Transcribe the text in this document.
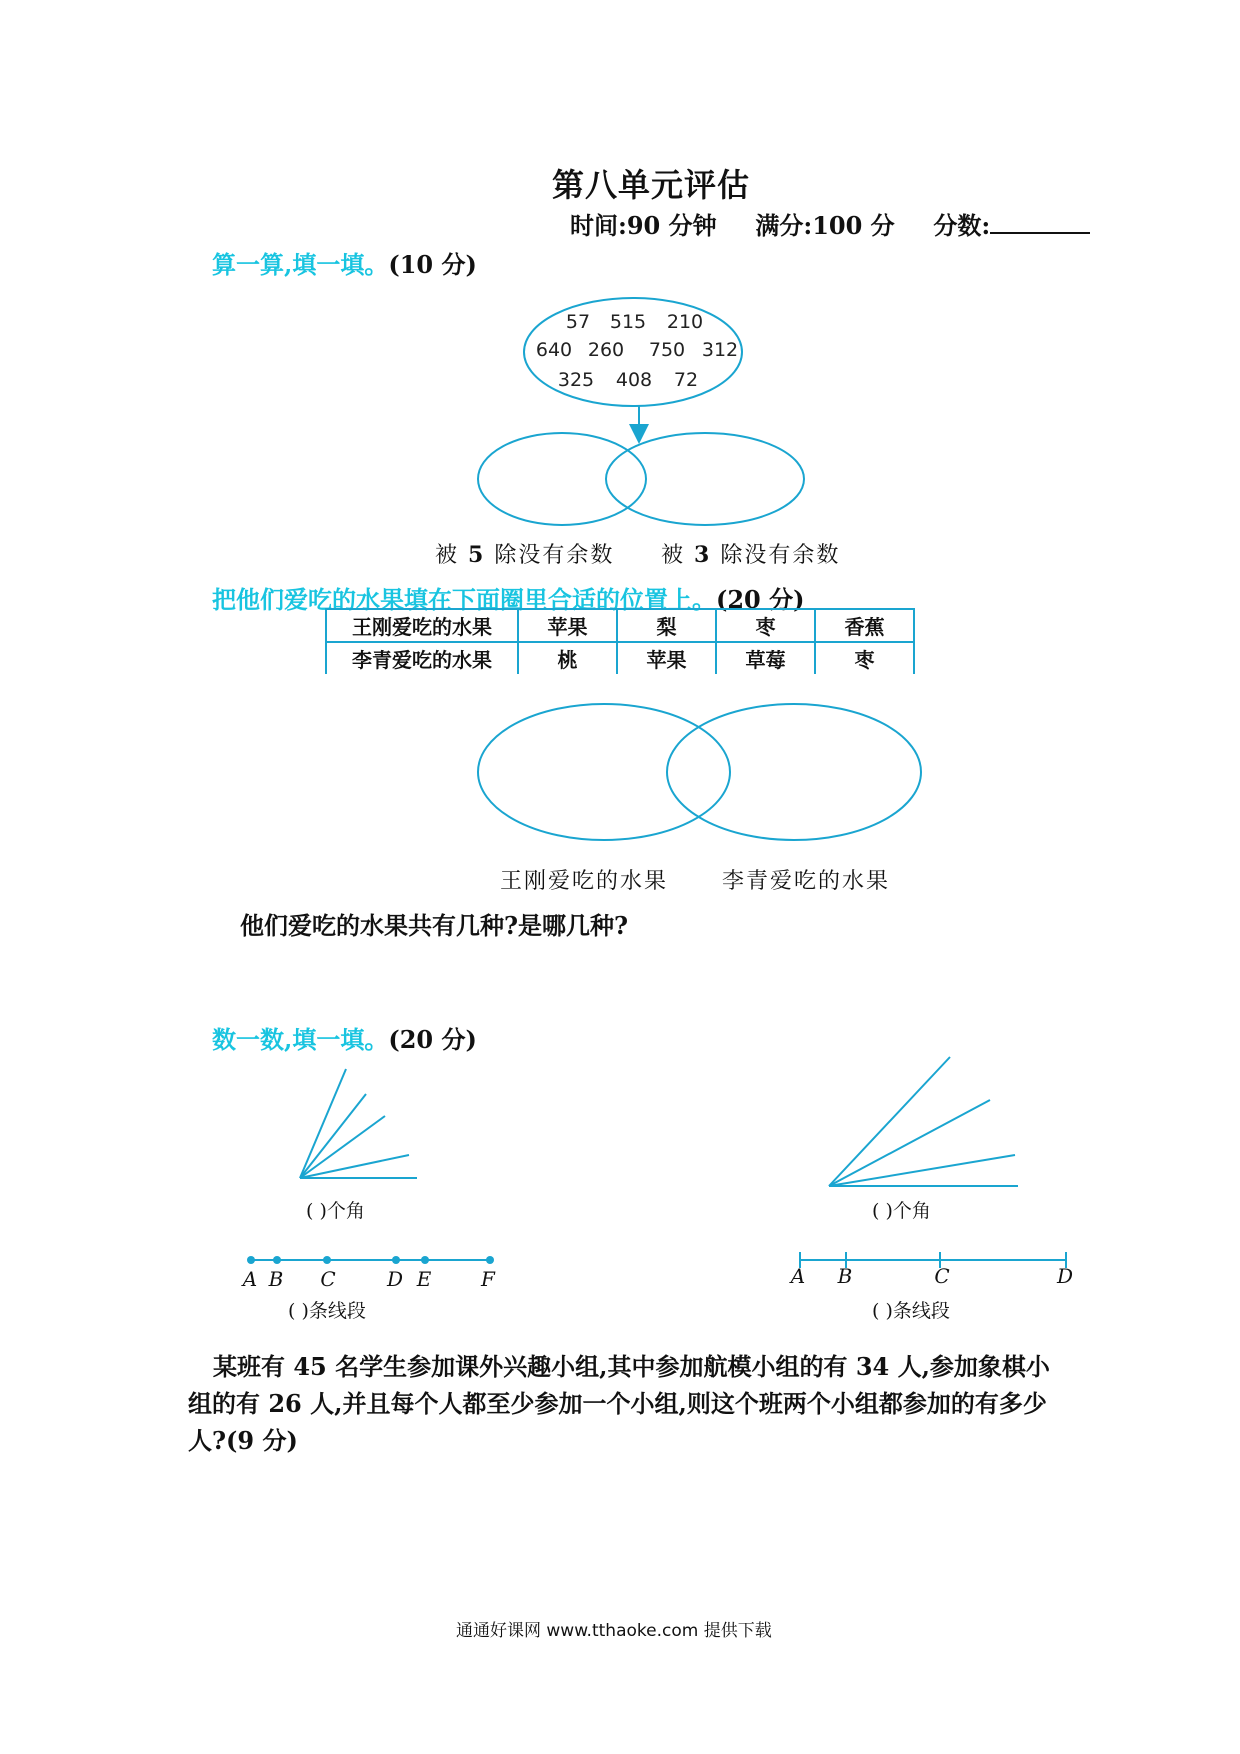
第八单元评估
时间:90 分钟 满分:100 分 分数:
算一算,填一填。(10 分)
把他们爱吃的水果填在下面圈里合适的位置上。(20 分)
王刚爱吃的水果	苹果	梨	枣	香蕉
李青爱吃的水果	桃	苹果	草莓	枣
他们爱吃的水果共有几种?是哪几种?
数一数,填一填。(20 分)
某班有 45 名学生参加课外兴趣小组,其中参加航模小组的有 34 人,参加象棋小组的有 26 人,并且每个人都至少参加一个小组,则这个班两个小组都参加的有多少人?(9 分)
通通好课网 www.tthaoke.com 提供下载
57 515 210
640 260 750 312
325 408 72
被 5 除没有余数 被 3 除没有余数
王刚爱吃的水果 李青爱吃的水果
( )个角	( )个角
A B C	D E F
( )条线段
A B	C	D
( )条线段
